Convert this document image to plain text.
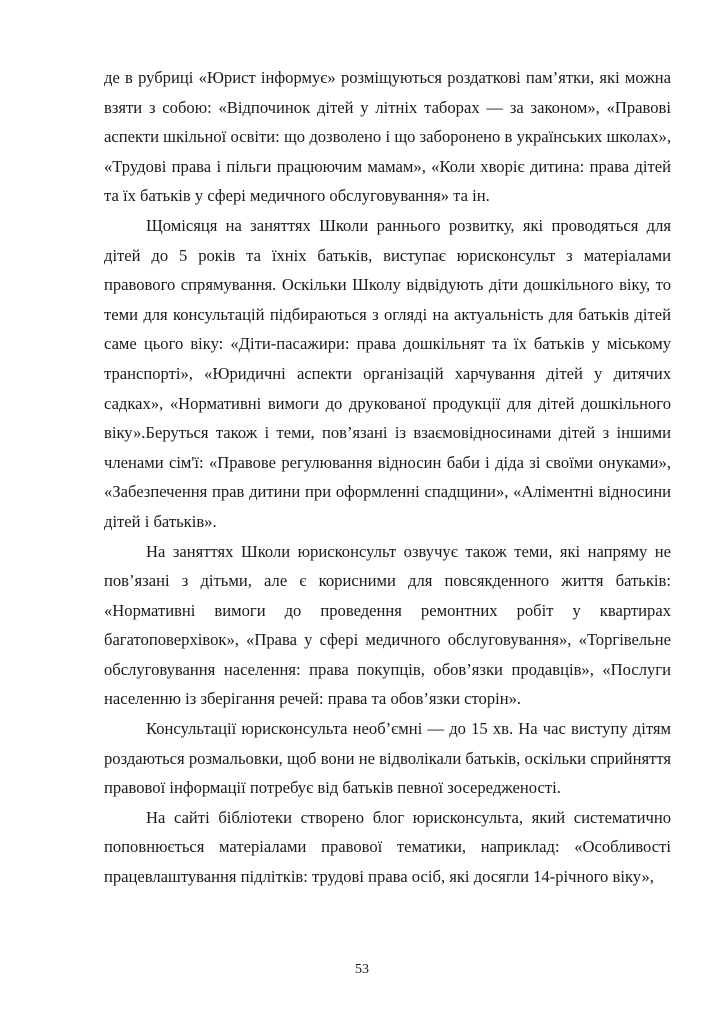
де в рубриці «Юрист інформує» розміщуються роздаткові пам’ятки, які можна взяти з собою: «Відпочинок дітей у літніх таборах — за законом», «Правові аспекти шкільної освіти: що дозволено і що заборонено в українських школах», «Трудові права і пільги працюючим мамам», «Коли хворіє дитина: права дітей та їх батьків у сфері медичного обслуговування» та ін.

Щомісяця на заняттях Школи раннього розвитку, які проводяться для дітей до 5 років та їхніх батьків, виступає юрисконсульт з матеріалами правового спрямування. Оскільки Школу відвідують діти дошкільного віку, то теми для консультацій підбираються з огляді на актуальність для батьків дітей саме цього віку: «Діти-пасажири: права дошкільнят та їх батьків у міському транспорті», «Юридичні аспекти організацій харчування дітей у дитячих садках», «Нормативні вимоги до друкованої продукції для дітей дошкільного віку».Беруться також і теми, пов’язані із взаємовідносинами дітей з іншими членами сім'ї: «Правове регулювання відносин баби і діда зі своїми онуками», «Забезпечення прав дитини при оформленні спадщини», «Аліментні відносини дітей і батьків».

На заняттях Школи юрисконсульт озвучує також теми, які напряму не пов’язані з дітьми, але є корисними для повсякденного життя батьків: «Нормативні вимоги до проведення ремонтних робіт у квартирах багатоповерхівок», «Права у сфері медичного обслуговування», «Торгівельне обслуговування населення: права покупців, обов’язки продавців», «Послуги населенню із зберігання речей: права та обов’язки сторін».

Консультації юрисконсульта необ’ємні — до 15 хв. На час виступу дітям роздаються розмальовки, щоб вони не відволікали батьків, оскільки сприйняття правової інформації потребує від батьків певної зосередженості.

На сайті бібліотеки створено блог юрисконсульта, який систематично поповнюється матеріалами правової тематики, наприклад: «Особливості працевлаштування підлітків: трудові права осіб, які досягли 14-річного віку»,

53
